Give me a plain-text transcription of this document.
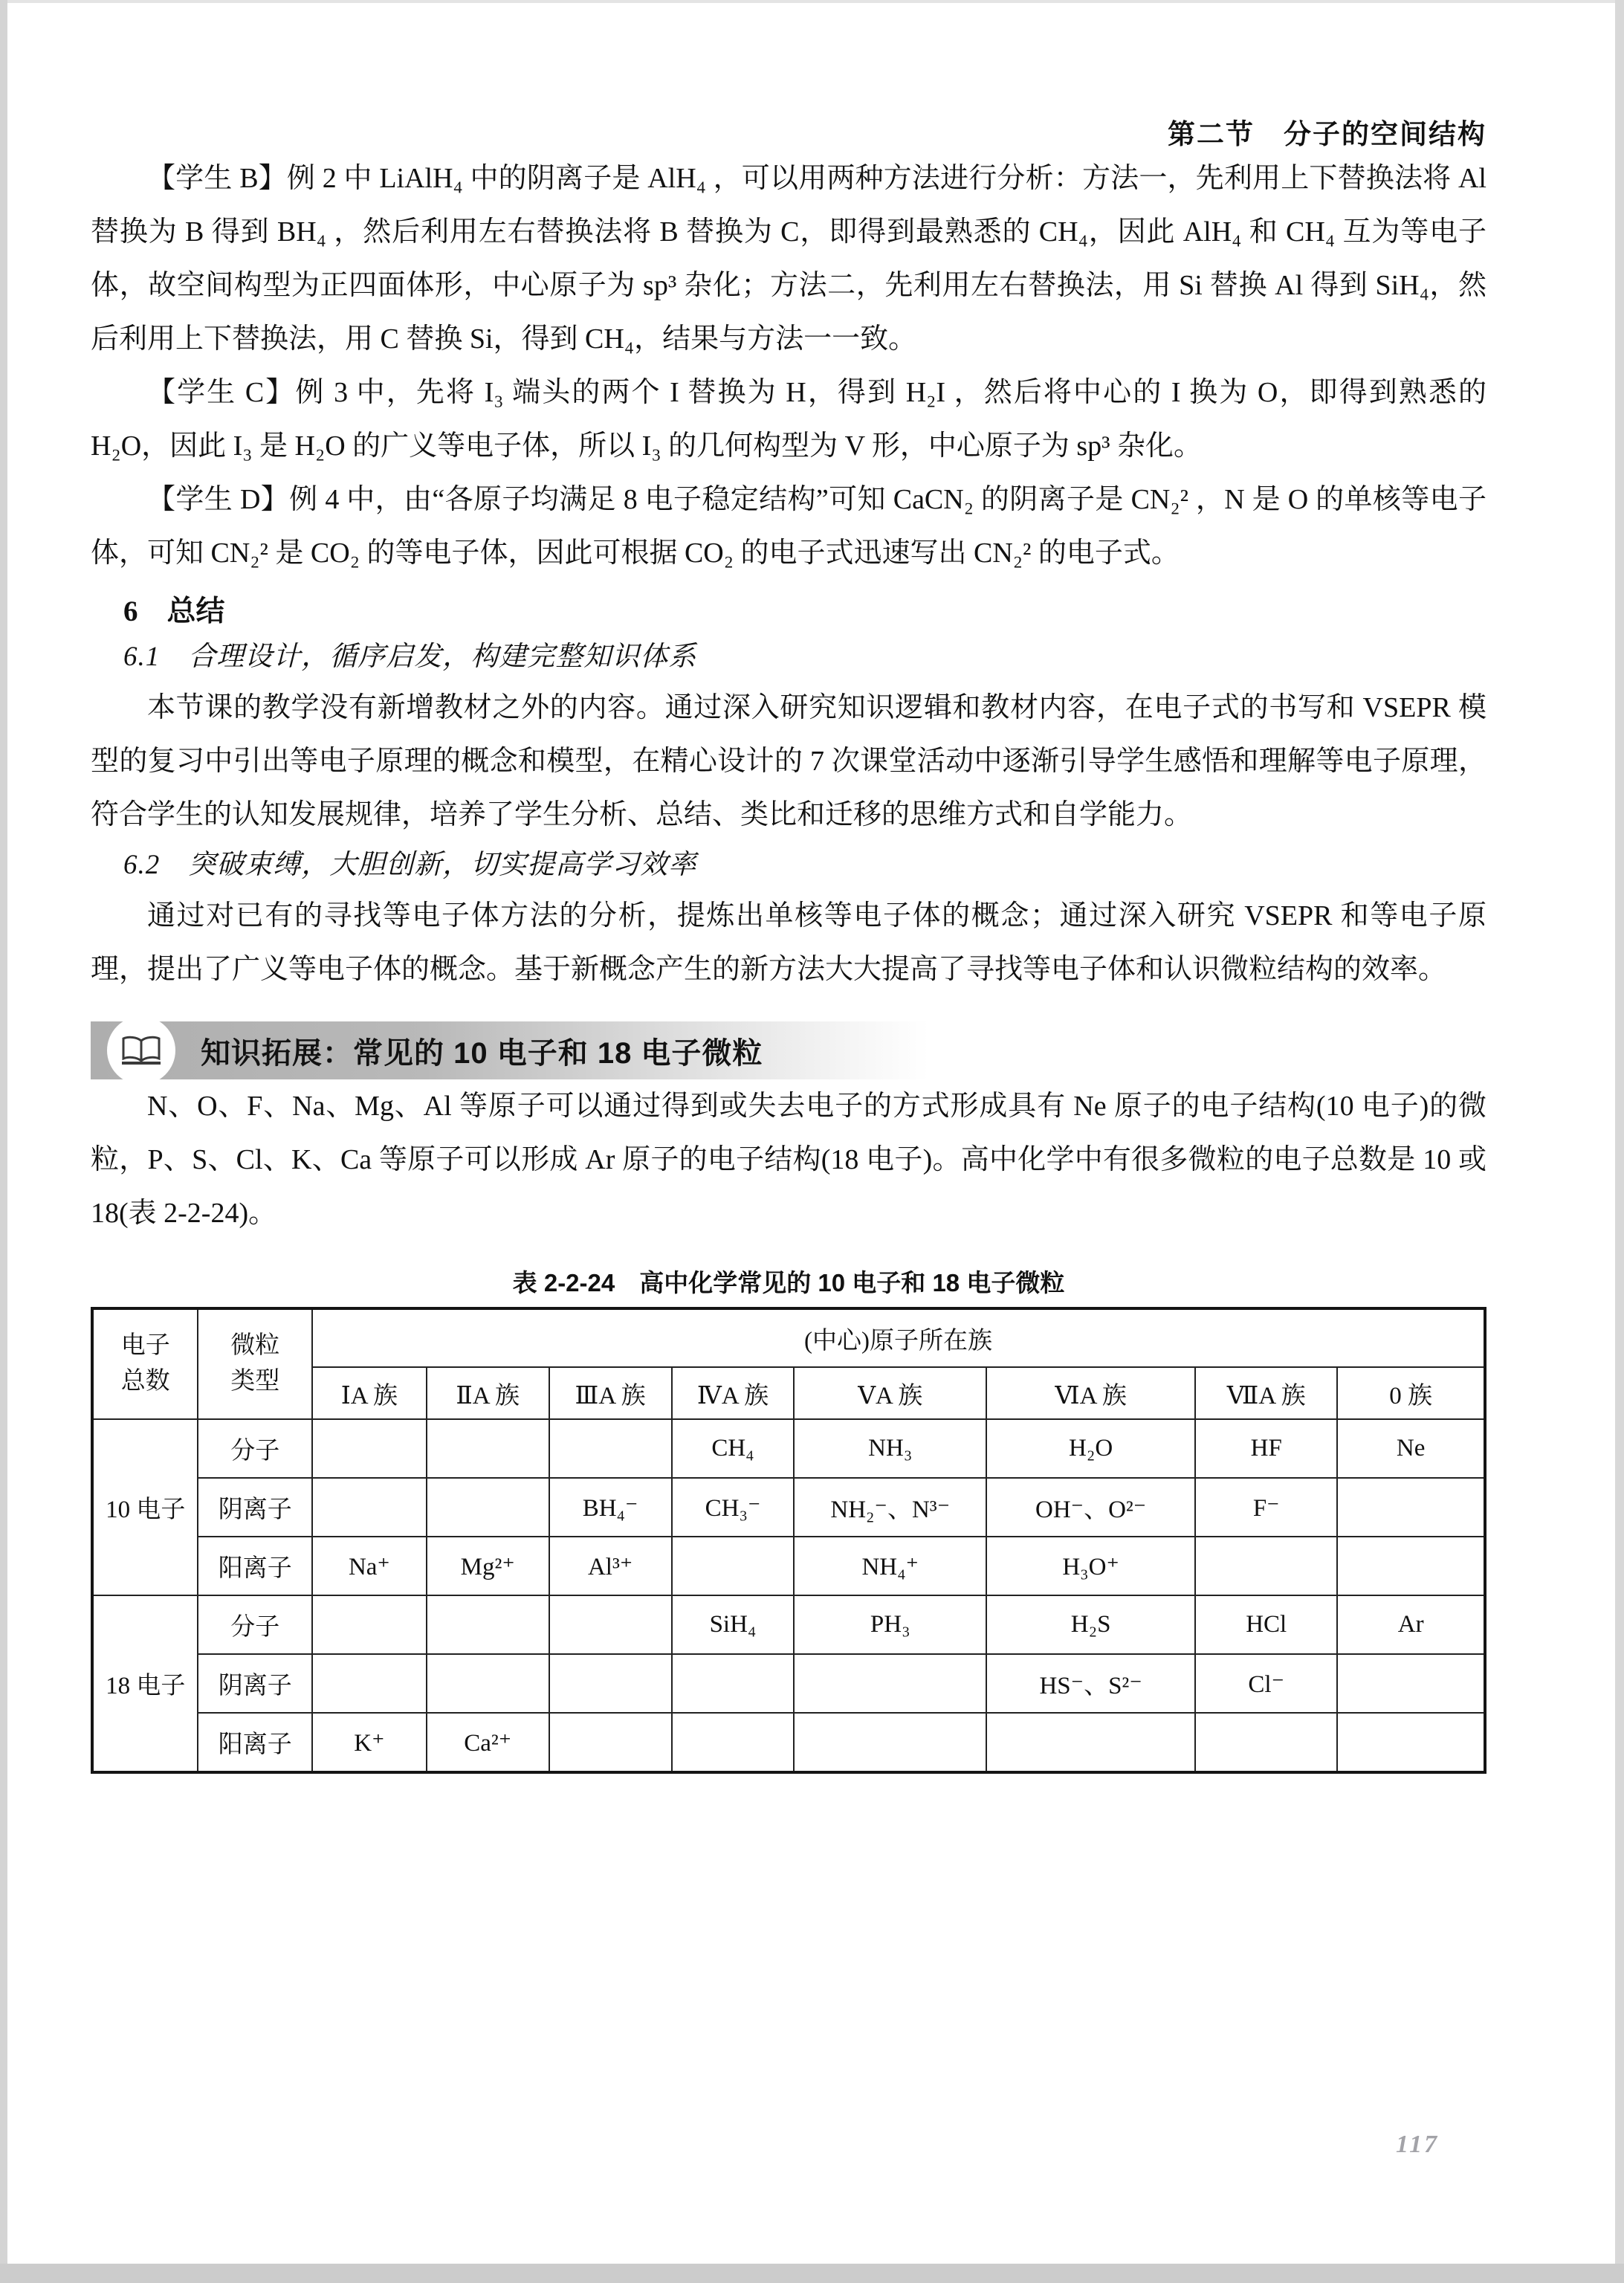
第二节　分子的空间结构

【学生 B】例 2 中 LiAlH₄ 中的阴离子是 AlH₄ ，可以用两种方法进行分析：方法一，先利用上下替换法将 Al 替换为 B 得到 BH₄ ，然后利用左右替换法将 B 替换为 C，即得到最熟悉的 CH₄，因此 AlH₄ 和 CH₄ 互为等电子体，故空间构型为正四面体形，中心原子为 sp³ 杂化；方法二，先利用左右替换法，用 Si 替换 Al 得到 SiH₄，然后利用上下替换法，用 C 替换 Si，得到 CH₄，结果与方法一一致。

【学生 C】例 3 中，先将 I₃ 端头的两个 I 替换为 H，得到 H₂I ，然后将中心的 I 换为 O，即得到熟悉的 H₂O，因此 I₃ 是 H₂O 的广义等电子体，所以 I₃ 的几何构型为 V 形，中心原子为 sp³ 杂化。

【学生 D】例 4 中，由“各原子均满足 8 电子稳定结构”可知 CaCN₂ 的阴离子是 CN₂² ，N 是 O 的单核等电子体，可知 CN₂² 是 CO₂ 的等电子体，因此可根据 CO₂ 的电子式迅速写出 CN₂² 的电子式。

6　总结

6.1　合理设计，循序启发，构建完整知识体系

本节课的教学没有新增教材之外的内容。通过深入研究知识逻辑和教材内容，在电子式的书写和 VSEPR 模型的复习中引出等电子原理的概念和模型，在精心设计的 7 次课堂活动中逐渐引导学生感悟和理解等电子原理，符合学生的认知发展规律，培养了学生分析、总结、类比和迁移的思维方式和自学能力。

6.2　突破束缚，大胆创新，切实提高学习效率

通过对已有的寻找等电子体方法的分析，提炼出单核等电子体的概念；通过深入研究 VSEPR 和等电子原理，提出了广义等电子体的概念。基于新概念产生的新方法大大提高了寻找等电子体和认识微粒结构的效率。

知识拓展：常见的 10 电子和 18 电子微粒

N、O、F、Na、Mg、Al 等原子可以通过得到或失去电子的方式形成具有 Ne 原子的电子结构(10 电子)的微粒，P、S、Cl、K、Ca 等原子可以形成 Ar 原子的电子结构(18 电子)。高中化学中有很多微粒的电子总数是 10 或 18(表 2-2-24)。

表 2-2-24　高中化学常见的 10 电子和 18 电子微粒
电子总数	微粒类型	(中心)原子所在族							
		ⅠA 族	ⅡA 族	ⅢA 族	ⅣA 族	ⅤA 族	ⅥA 族	ⅦA 族	0 族
10 电子	分子				CH₄	NH₃	H₂O	HF	Ne
	阴离子			BH₄⁻	CH₃⁻	NH₂⁻、N³⁻	OH⁻、O²⁻	F⁻	
	阳离子	Na⁺	Mg²⁺	Al³⁺		NH₄⁺	H₃O⁺		
18 电子	分子				SiH₄	PH₃	H₂S	HCl	Ar
	阴离子						HS⁻、S²⁻	Cl⁻	
	阳离子	K⁺	Ca²⁺						
117
